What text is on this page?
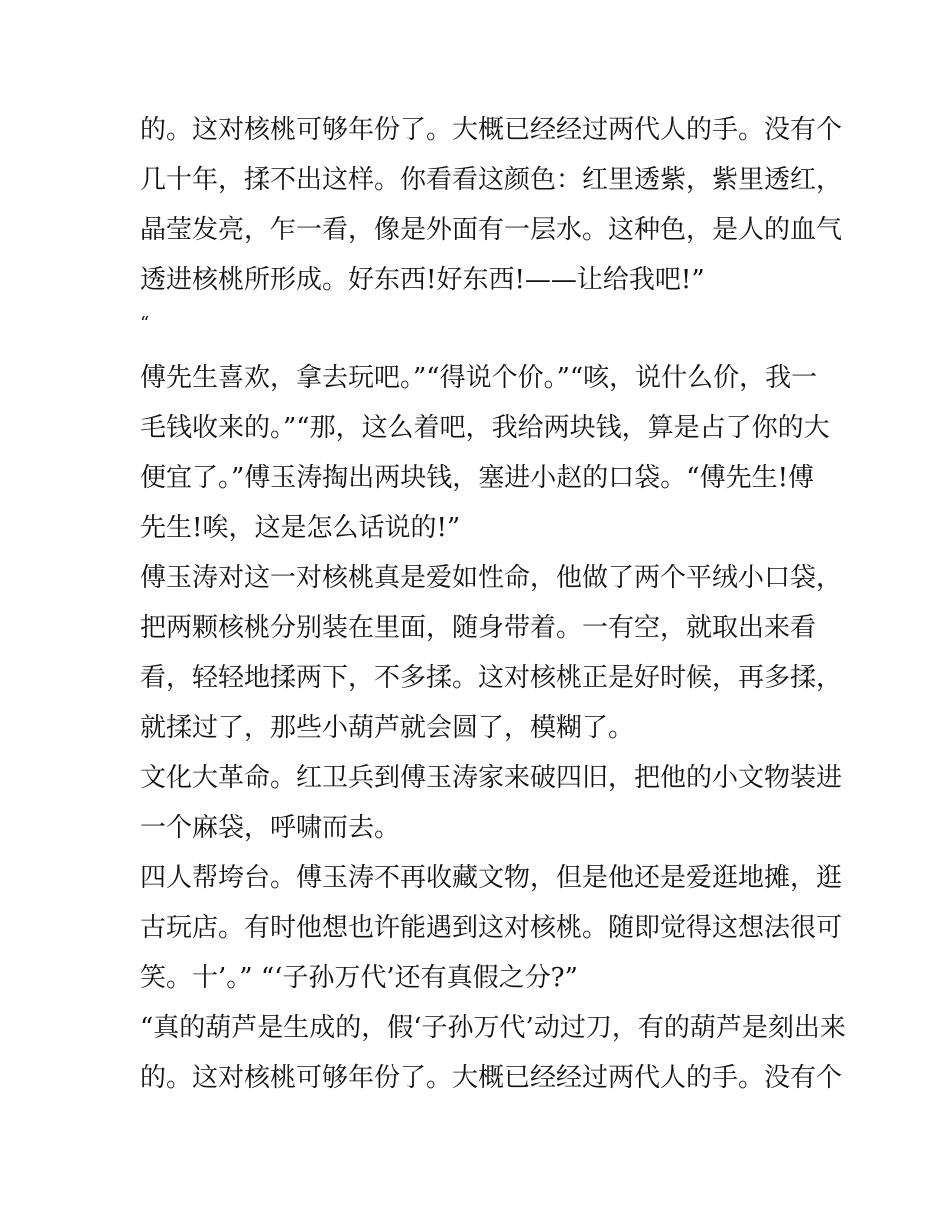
的。这对核桃可够年份了。大概已经经过两代人的手。没有个
几十年，揉不出这样。你看看这颜色：红里透紫，紫里透红，
晶莹发亮，乍一看，像是外面有一层水。这种色，是人的血气
透进核桃所形成。好东西!好东西!——让给我吧!”
“
傅先生喜欢，拿去玩吧。”“得说个价。”“咳，说什么价，我一
毛钱收来的。”“那，这么着吧，我给两块钱，算是占了你的大
便宜了。”傅玉涛掏出两块钱，塞进小赵的口袋。“傅先生!傅
先生!唉，这是怎么话说的!”
傅玉涛对这一对核桃真是爱如性命，他做了两个平绒小口袋，
把两颗核桃分别装在里面，随身带着。一有空，就取出来看
看，轻轻地揉两下，不多揉。这对核桃正是好时候，再多揉，
就揉过了，那些小葫芦就会圆了，模糊了。
文化大革命。红卫兵到傅玉涛家来破四旧，把他的小文物装进
一个麻袋，呼啸而去。
四人帮垮台。傅玉涛不再收藏文物，但是他还是爱逛地摊，逛
古玩店。有时他想也许能遇到这对核桃。随即觉得这想法很可
笑。十’。” “‘子孙万代’还有真假之分?”
“真的葫芦是生成的，假‘子孙万代’动过刀，有的葫芦是刻出来
的。这对核桃可够年份了。大概已经经过两代人的手。没有个
